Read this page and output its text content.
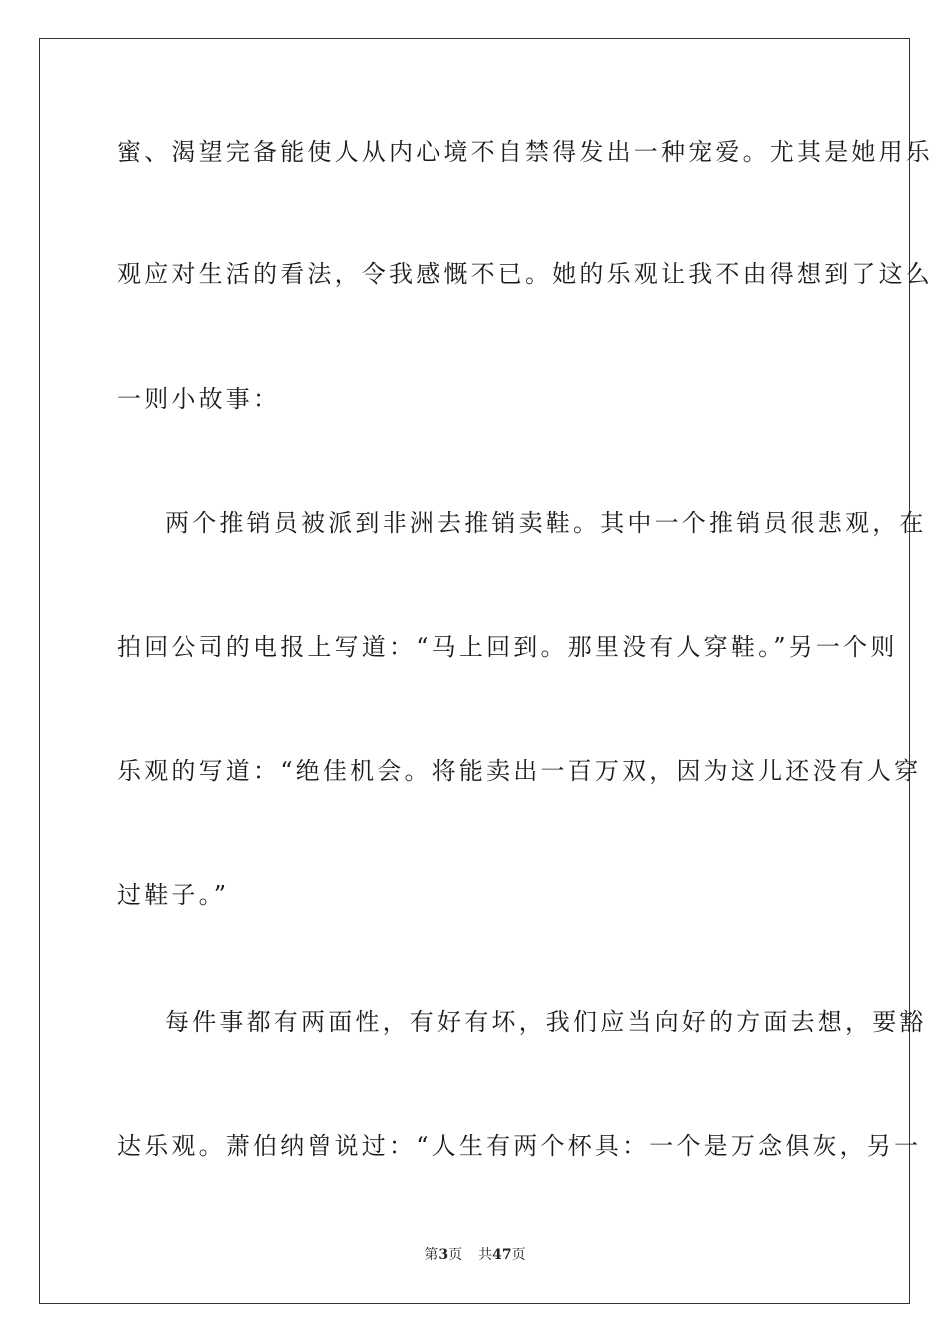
蜜、渴望完备能使人从内心境不自禁得发出一种宠爱。尤其是她用乐
观应对生活的看法，令我感慨不已。她的乐观让我不由得想到了这么
一则小故事：
两个推销员被派到非洲去推销卖鞋。其中一个推销员很悲观，在
拍回公司的电报上写道：“马上回到。那里没有人穿鞋。”另一个则
乐观的写道：“绝佳机会。将能卖出一百万双，因为这儿还没有人穿
过鞋子。”
每件事都有两面性，有好有坏，我们应当向好的方面去想，要豁
达乐观。萧伯纳曾说过：“人生有两个杯具：一个是万念俱灰，另一
第3页 共47页
